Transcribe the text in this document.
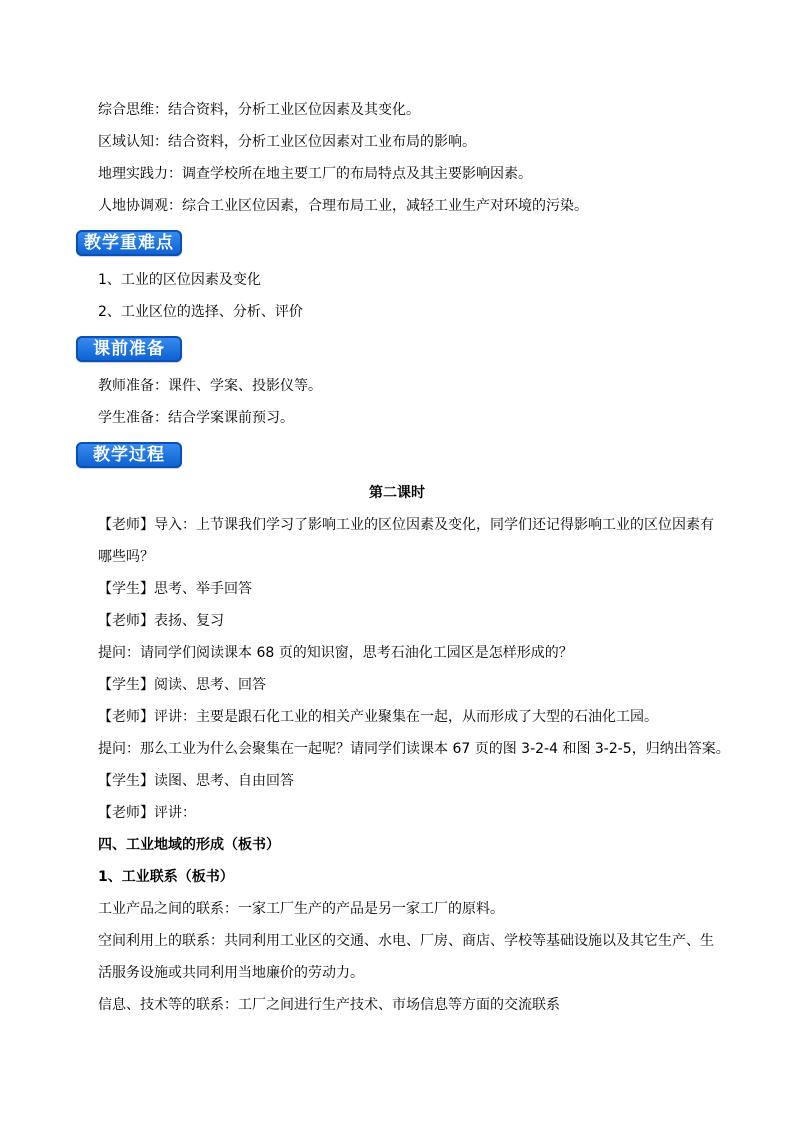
综合思维：结合资料，分析工业区位因素及其变化。
区域认知：结合资料，分析工业区位因素对工业布局的影响。
地理实践力：调查学校所在地主要工厂的布局特点及其主要影响因素。
人地协调观：综合工业区位因素，合理布局工业，减轻工业生产对环境的污染。
教学重难点
1、工业的区位因素及变化
2、工业区位的选择、分析、评价
课前准备
教师准备：课件、学案、投影仪等。
学生准备：结合学案课前预习。
教学过程
第二课时
【老师】导入：上节课我们学习了影响工业的区位因素及变化，同学们还记得影响工业的区位因素有
哪些吗？
【学生】思考、举手回答
【老师】表扬、复习
提问：请同学们阅读课本 68 页的知识窗，思考石油化工园区是怎样形成的？
【学生】阅读、思考、回答
【老师】评讲：主要是跟石化工业的相关产业聚集在一起，从而形成了大型的石油化工园。
提问：那么工业为什么会聚集在一起呢？请同学们读课本 67 页的图 3-2-4 和图 3-2-5，归纳出答案。
【学生】读图、思考、自由回答
【老师】评讲：
四、工业地域的形成（板书）
1、工业联系（板书）
工业产品之间的联系：一家工厂生产的产品是另一家工厂的原料。
空间利用上的联系：共同利用工业区的交通、水电、厂房、商店、学校等基础设施以及其它生产、生
活服务设施或共同利用当地廉价的劳动力。
信息、技术等的联系：工厂之间进行生产技术、市场信息等方面的交流联系
